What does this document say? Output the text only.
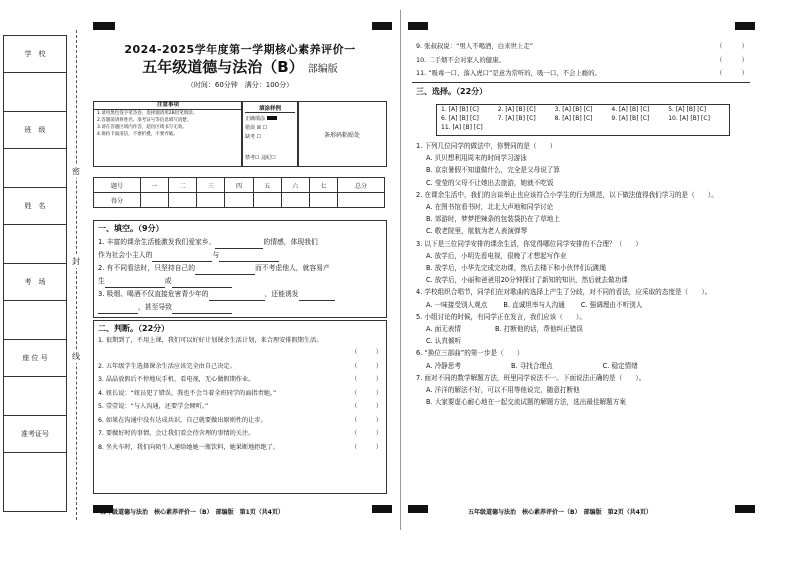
学　校
班　级
姓　名
考　场
座 位 号
准考证号
密
封
线
2024-2025学年度第一学期核心素养评价一
五年级道德与法治（B） 部编版
（时间：60分钟　满分：100分）
注意事项

1.请用黑色签字笔答卷，选择题请用2B铅笔填涂。

2.答题前请将姓名、准考证号等信息填写清楚。

3.请在答题区域内作答，超出区域书写无效。

4.保持卡面清洁，不要折叠，不要弄破。

填涂样例
正确填涂
错误 ☒ ☐
缺考 ☐
禁考☐ 违纪☐
条形码粘贴处
题号	一	二	三	四	五	六	七	总分
得分								
一、填空。（9分）
1. 丰富的课余生活能激发我们爱家乡、	的情感，体现我们
作为社会小主人的	与
2. 有不同看法时，只坚持自己的	而不考虑他人，就容易产
生	或
3. 吸烟、喝酒不仅直接危害青少年的	，还能诱发
，甚至导致
二、判断。（22分）
1. 很期到了，不用上课，我们可以好好计划课余生活计划，来合理安排假期生活。
（　　　）
2. 五年级学生选择课余生活应该完全由自己决定。	（　　　）
3. 晶晶放假后不停地玩手机、看电视，无心做假期作业。	（　　　）
4. 妞长说：“妞员犯了错误，我也不会当着全班同学的面指责她。”	（　　　）
5. 壹壹说：“与人沟通，还要学会倾听。”	（　　　）
6. 如果在沟通中没有达成共识，自己就要做出原则性的让步。	（　　　）
7. 要做好时的事情，会让我们看会待含理的事情的关注。	（　　　）
8. 坐火车时，我们向陌生人递给她她一瓶饮料，她果断地拒绝了。	（　　　）
五年级道德与法治　核心素养评价一（B）　部编版　第1页（共4页）
9. 张叔叔说：“男人不喝酒，白来世上走”	（　　　）
10. 二手烟不会对家人的健康。	（　　　）
11. “吸毒一口、落入虎口”是意为常听的，吸一口、不会上瘾的。	（　　　）
三、选择。（22分）
1. [A] [B] [C]	2. [A] [B] [C]	3. [A] [B] [C]	4. [A] [B] [C]	5. [A] [B] [C]
6. [A] [B] [C]	7. [A] [B] [C]	8. [A] [B] [C]	9. [A] [B] [C]	10. [A] [B] [C]
11. [A] [B] [C]
1. 下列几位同学的做法中，你赞同的是（　　）
A. 贝贝想利用周末的时间学习游泳
B. 京京暑假不知道做什么，完全是父母说了算
C. 莹莹的父母不让她出去旅游，她就不吃饭
2. 在课余生活中，我们的言谈举止也应该符合小学生的行为规范，以下做法值得我们学习的是（　　）。
A. 在图书馆看书时，北北大声地和同学讨论
B. 郊游时，梦梦把辣条的包装袋扔在了草地上
C. 敬老院里，航航为老人表演弹琴
3. 以下是三位同学安排的课余生活，你觉得哪位同学安排的不合理？（　　）
A. 放学后，小明先看电视，很晚了才想起写作业
B. 放学后，小华先完成完功课，然后去楼下和小伙伴们玩跳绳
C. 放学后，小丽和爸爸用20分钟探讨了新知的知识，然后就去做功课
4. 学校组织合唱节，同学们在对歌曲的选择上产生了分歧，对不同的看法，应采取的态度是（　　）。
A. 一味接受别人观点 B. 直诚坦率与人沟通 C. 强调理由不听别人
5. 小组讨论的时候，有同学正在发言，我们应该（　　）。
A. 面无表情	B. 打断他的话，帮他纠正错误
C. 认真倾听
6. “换位三部曲”的第一步是（　　）
A. 冷静思考	B. 寻找合理点	C. 稳定情绪
7. 面对不同的数学解题方法，班里同学说法不一。下面说法正确的是（　　）。
A. 洋洋的解法不好，可以不用等他说完，随意打断他
B. 大家要虚心耐心地在一起交流试题的解题方法，选出最佳解题方案
五年级道德与法治　核心素养评价一（B）　部编版　第2页（共4页）
